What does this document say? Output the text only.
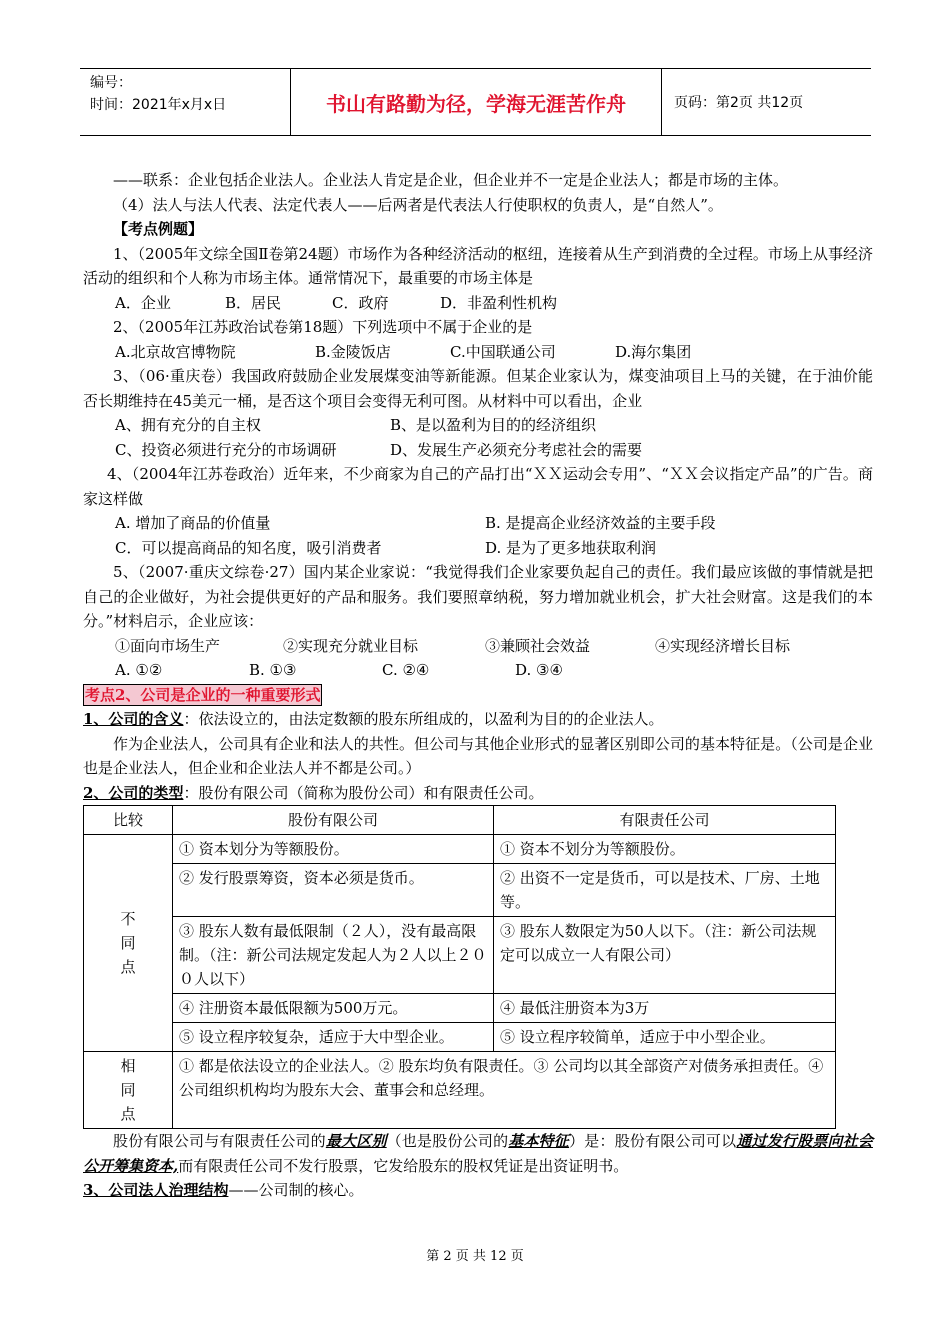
编号：
时间：2021年x月x日	书山有路勤为径，学海无涯苦作舟	页码：第2页 共12页
——联系：企业包括企业法人。企业法人肯定是企业，但企业并不一定是企业法人；都是市场的主体。
（4）法人与法人代表、法定代表人——后两者是代表法人行使职权的负责人，是“自然人”。
【考点例题】
1、（2005年文综全国Ⅱ卷第24题）市场作为各种经济活动的枢纽，连接着从生产到消费的全过程。市场上从事经济活动的组织和个人称为市场主体。通常情况下，最重要的市场主体是
A．企业	B．居民	C．政府	D．非盈利性机构
2、（2005年江苏政治试卷第18题）下列选项中不属于企业的是
A.北京故宫博物院	B.金陵饭店	C.中国联通公司	D.海尔集团
3、（06·重庆卷）我国政府鼓励企业发展煤变油等新能源。但某企业家认为，煤变油项目上马的关键，在于油价能否长期维持在45美元一桶，是否这个项目会变得无利可图。从材料中可以看出，企业
A、拥有充分的自主权	B、是以盈利为目的的经济组织
C、投资必须进行充分的市场调研	D、发展生产必须充分考虑社会的需要
4、（2004年江苏卷政治）近年来，不少商家为自己的产品打出“ＸＸ运动会专用”、“ＸＸ会议指定产品”的广告。商家这样做
A. 增加了商品的价值量	B. 是提高企业经济效益的主要手段
C．可以提高商品的知名度，吸引消费者	D. 是为了更多地获取利润
5、（2007·重庆文综卷·27）国内某企业家说：“我觉得我们企业家要负起自己的责任。我们最应该做的事情就是把自己的企业做好，为社会提供更好的产品和服务。我们要照章纳税，努力增加就业机会，扩大社会财富。这是我们的本分。”材料启示，企业应该：
①面向市场生产	②实现充分就业目标	③兼顾社会效益	④实现经济增长目标
A. ①②	B. ①③	C. ②④	D. ③④
考点2、公司是企业的一种重要形式
1、公司的含义：依法设立的，由法定数额的股东所组成的，以盈利为目的的企业法人。
作为企业法人，公司具有企业和法人的共性。但公司与其他企业形式的显著区别即公司的基本特征是。（公司是企业也是企业法人，但企业和企业法人并不都是公司。）
2、公司的类型：股份有限公司（简称为股份公司）和有限责任公司。
比较	股份有限公司	有限责任公司

不
同
点	① 资本划分为等额股份。	① 资本不划分为等额股份。
	② 发行股票筹资，资本必须是货币。	② 出资不一定是货币，可以是技术、厂房、土地等。
	③ 股东人数有最低限制（２人），没有最高限制。（注：新公司法规定发起人为２人以上２００人以下）	③ 股东人数限定为50人以下。（注：新公司法规定可以成立一人有限公司）
	④ 注册资本最低限额为500万元。	④ 最低注册资本为3万
	⑤ 设立程序较复杂，适应于大中型企业。	⑤ 设立程序较简单，适应于中小型企业。

相
同
点	① 都是依法设立的企业法人。② 股东均负有限责任。③ 公司均以其全部资产对债务承担责任。④ 公司组织机构均为股东大会、董事会和总经理。	
股份有限公司与有限责任公司的最大区别（也是股份公司的基本特征）是：股份有限公司可以通过发行股票向社会公开筹集资本,而有限责任公司不发行股票，它发给股东的股权凭证是出资证明书。
3、公司法人治理结构——公司制的核心。
第 2 页 共 12 页
